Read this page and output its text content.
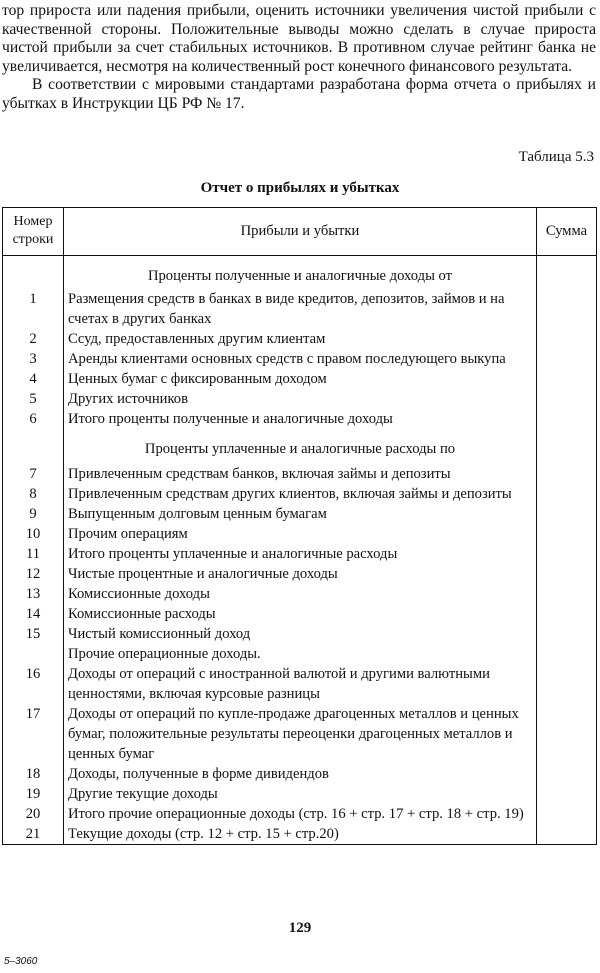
тор прироста или падения прибыли, оценить источники увеличения чистой прибыли с качественной стороны. Положительные выводы можно сделать в случае прироста чистой прибыли за счет стабильных источников. В противном случае рейтинг банка не увеличивается, несмотря на количественный рост конечного финансового результата.

В соответствии с мировыми стандартами разработана форма отчета о прибылях и убытках в Инструкции ЦБ РФ № 17.

Таблица 5.3
Отчет о прибылях и убытках
Номер строки	Прибыли и убытки	Сумма
	Проценты полученные и аналогичные доходы от	
1	Размещения средств в банках в виде кредитов, депозитов, займов и на счетах в других банках	
2	Ссуд, предоставленных другим клиентам	
3	Аренды клиентами основных средств с правом последующего выкупа	
4	Ценных бумаг с фиксированным доходом	
5	Других источников	
6	Итого проценты полученные и аналогичные доходы	
	Проценты уплаченные и аналогичные расходы по	
7	Привлеченным средствам банков, включая займы и депозиты	
8	Привлеченным средствам других клиентов, включая займы и депозиты	
9	Выпущенным долговым ценным бумагам	
10	Прочим операциям	
11	Итого проценты уплаченные и аналогичные расходы	
12	Чистые процентные и аналогичные доходы	
13	Комиссионные доходы	
14	Комиссионные расходы	
15	Чистый комиссионный доход	
	Прочие операционные доходы.	
16	Доходы от операций с иностранной валютой и другими валютными ценностями, включая курсовые разницы	
17	Доходы от операций по купле-продаже драгоценных металлов и ценных бумаг, положительные результаты переоценки драгоценных металлов и ценных бумаг	
18	Доходы, полученные в форме дивидендов	
19	Другие текущие доходы	
20	Итого прочие операционные доходы (стр. 16 + стр. 17 + стр. 18 + стр. 19)	
21	Текущие доходы (стр. 12 + стр. 15 + стр.20)	
129
5–3060
